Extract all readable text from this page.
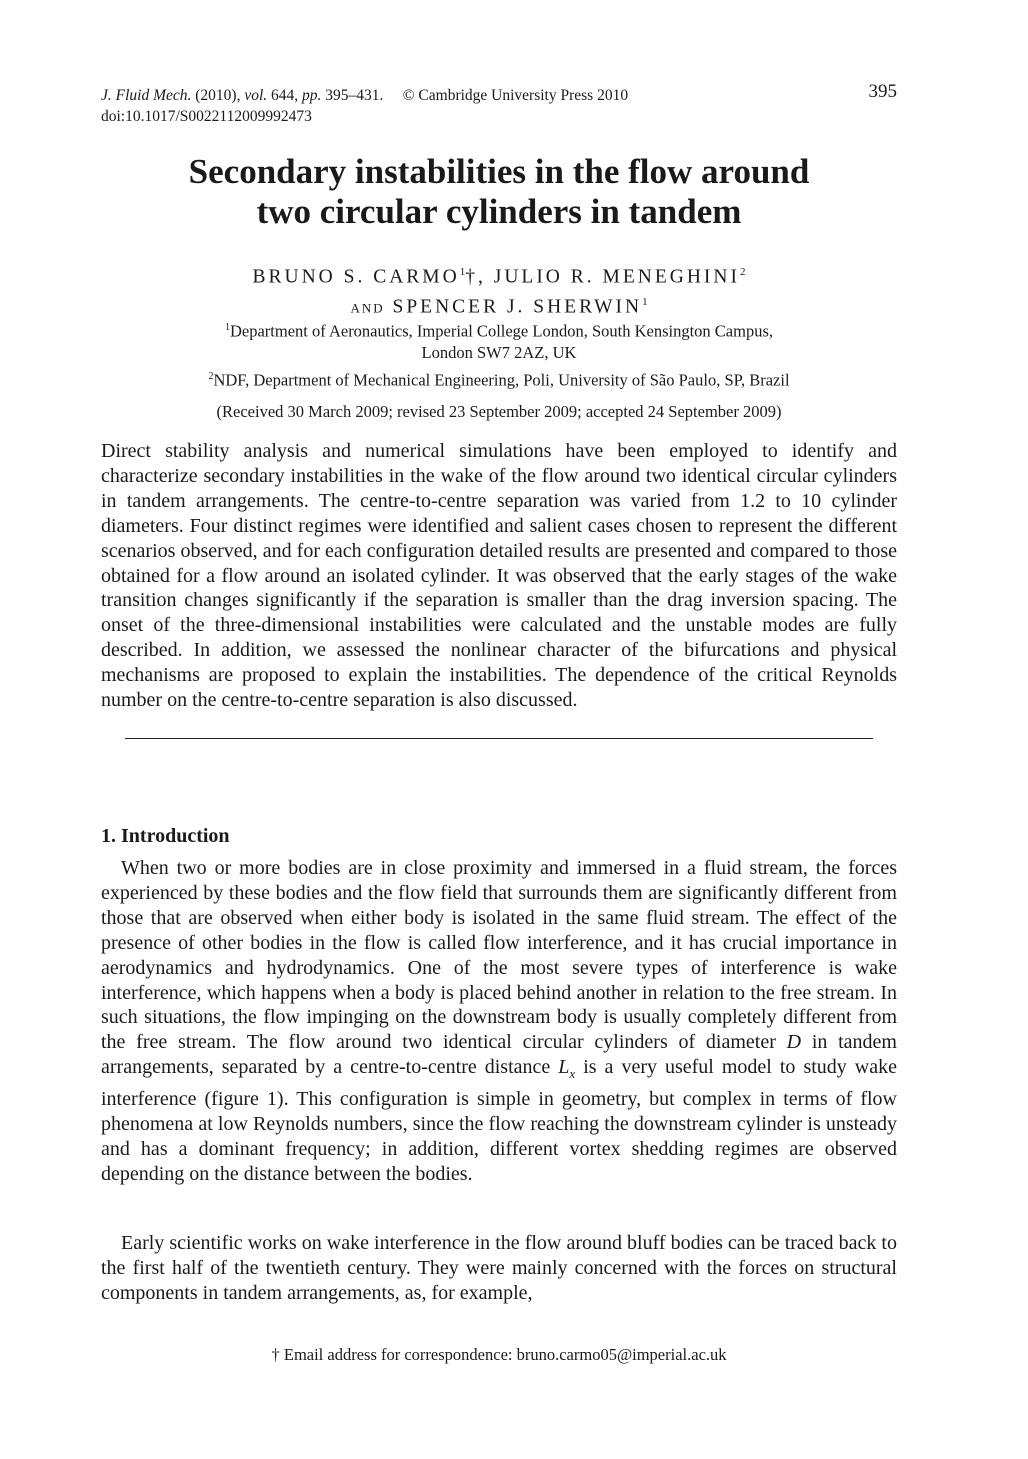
J. Fluid Mech. (2010), vol. 644, pp. 395–431. © Cambridge University Press 2010
doi:10.1017/S0022112009992473
395
Secondary instabilities in the flow around
two circular cylinders in tandem
BRUNO S. CARMO$^1$†, JULIO R. MENEGHINI$^2$
AND SPENCER J. SHERWIN$^1$
$^1$Department of Aeronautics, Imperial College London, South Kensington Campus,
London SW7 2AZ, UK
$^2$NDF, Department of Mechanical Engineering, Poli, University of São Paulo, SP, Brazil
(Received 30 March 2009; revised 23 September 2009; accepted 24 September 2009)

Direct stability analysis and numerical simulations have been employed to identify and characterize secondary instabilities in the wake of the flow around two identical circular cylinders in tandem arrangements. The centre-to-centre separation was varied from 1.2 to 10 cylinder diameters. Four distinct regimes were identified and salient cases chosen to represent the different scenarios observed, and for each configuration detailed results are presented and compared to those obtained for a flow around an isolated cylinder. It was observed that the early stages of the wake transition changes significantly if the separation is smaller than the drag inversion spacing. The onset of the three-dimensional instabilities were calculated and the unstable modes are fully described. In addition, we assessed the nonlinear character of the bifurcations and physical mechanisms are proposed to explain the instabilities. The dependence of the critical Reynolds number on the centre-to-centre separation is also discussed.

1. Introduction

When two or more bodies are in close proximity and immersed in a fluid stream, the forces experienced by these bodies and the flow field that surrounds them are significantly different from those that are observed when either body is isolated in the same fluid stream. The effect of the presence of other bodies in the flow is called flow interference, and it has crucial importance in aerodynamics and hydrodynamics. One of the most severe types of interference is wake interference, which happens when a body is placed behind another in relation to the free stream. In such situations, the flow impinging on the downstream body is usually completely different from the free stream. The flow around two identical circular cylinders of diameter D in tandem arrangements, separated by a centre-to-centre distance $L_x$ is a very useful model to study wake interference (figure 1). This configuration is simple in geometry, but complex in terms of flow phenomena at low Reynolds numbers, since the flow reaching the downstream cylinder is unsteady and has a dominant frequency; in addition, different vortex shedding regimes are observed depending on the distance between the bodies.

Early scientific works on wake interference in the flow around bluff bodies can be traced back to the first half of the twentieth century. They were mainly concerned with the forces on structural components in tandem arrangements, as, for example,

† Email address for correspondence: bruno.carmo05@imperial.ac.uk
